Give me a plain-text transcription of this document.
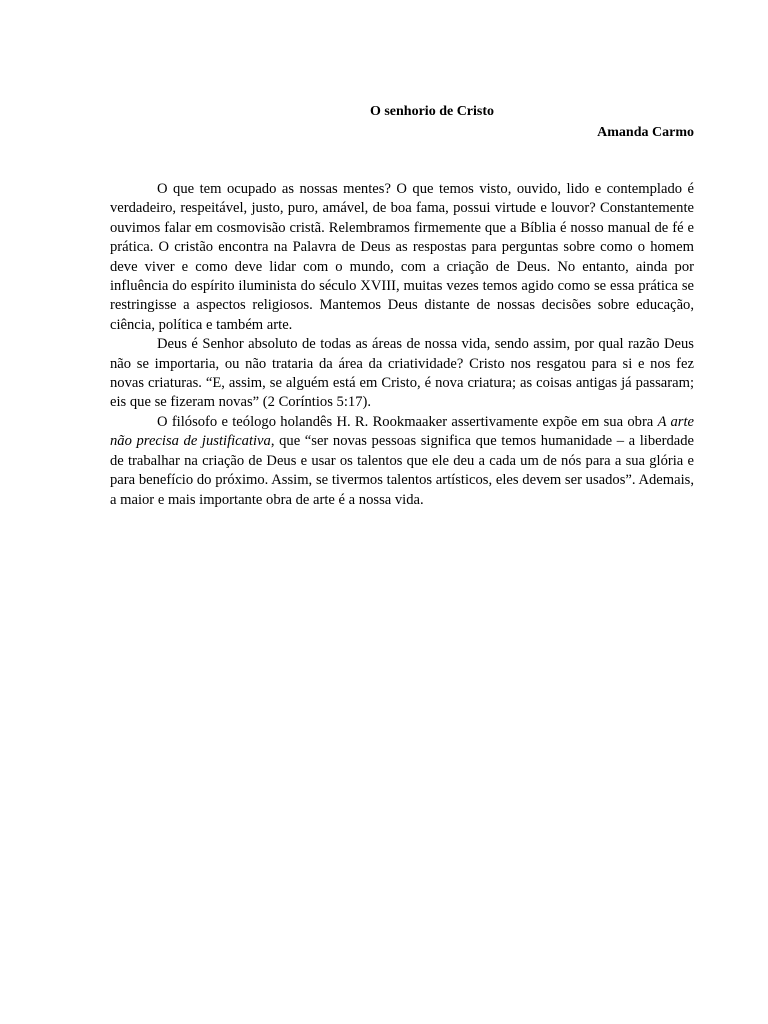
O senhorio de Cristo
Amanda Carmo

O que tem ocupado as nossas mentes? O que temos visto, ouvido, lido e contemplado é verdadeiro, respeitável, justo, puro, amável, de boa fama, possui virtude e louvor? Constantemente ouvimos falar em cosmovisão cristã. Relembramos firmemente que a Bíblia é nosso manual de fé e prática. O cristão encontra na Palavra de Deus as respostas para perguntas sobre como o homem deve viver e como deve lidar com o mundo, com a criação de Deus. No entanto, ainda por influência do espírito iluminista do século XVIII, muitas vezes temos agido como se essa prática se restringisse a aspectos religiosos. Mantemos Deus distante de nossas decisões sobre educação, ciência, política e também arte.

Deus é Senhor absoluto de todas as áreas de nossa vida, sendo assim, por qual razão Deus não se importaria, ou não trataria da área da criatividade? Cristo nos resgatou para si e nos fez novas criaturas. “E, assim, se alguém está em Cristo, é nova criatura; as coisas antigas já passaram; eis que se fizeram novas” (2 Coríntios 5:17).

O filósofo e teólogo holandês H. R. Rookmaaker assertivamente expõe em sua obra A arte não precisa de justificativa, que “ser novas pessoas significa que temos humanidade – a liberdade de trabalhar na criação de Deus e usar os talentos que ele deu a cada um de nós para a sua glória e para benefício do próximo. Assim, se tivermos talentos artísticos, eles devem ser usados”. Ademais, a maior e mais importante obra de arte é a nossa vida.
